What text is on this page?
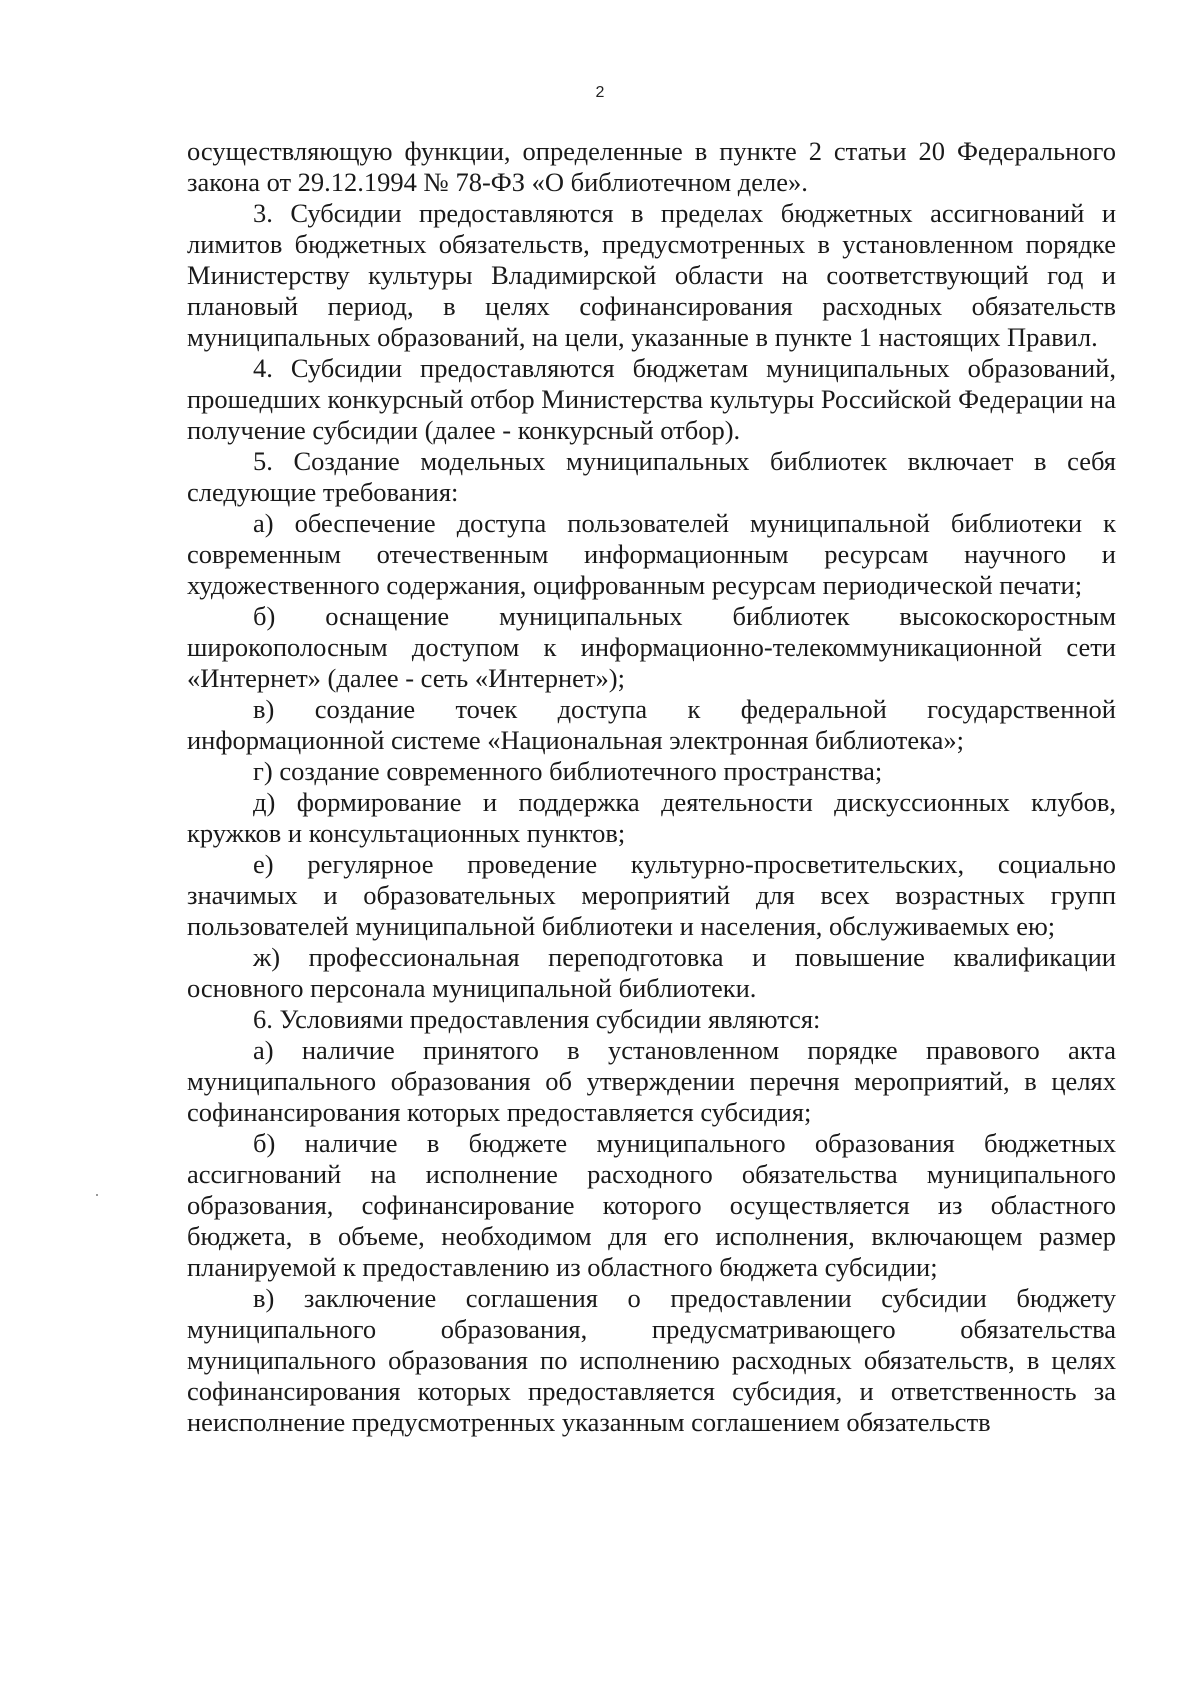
2

осуществляющую функции, определенные в пункте 2 статьи 20 Федерального закона от 29.12.1994 № 78-ФЗ «О библиотечном деле».

3. Субсидии предоставляются в пределах бюджетных ассигнований и лимитов бюджетных обязательств, предусмотренных в установленном порядке Министерству культуры Владимирской области на соответствующий год и плановый период, в целях софинансирования расходных обязательств муниципальных образований, на цели, указанные в пункте 1 настоящих Правил.

4. Субсидии предоставляются бюджетам муниципальных образований, прошедших конкурсный отбор Министерства культуры Российской Федерации на получение субсидии (далее - конкурсный отбор).

5. Создание модельных муниципальных библиотек включает в себя следующие требования:

а) обеспечение доступа пользователей муниципальной библиотеки к современным отечественным информационным ресурсам научного и художественного содержания, оцифрованным ресурсам периодической печати;

б) оснащение муниципальных библиотек высокоскоростным широкополосным доступом к информационно-телекоммуникационной сети «Интернет» (далее - сеть «Интернет»);

в) создание точек доступа к федеральной государственной информационной системе «Национальная электронная библиотека»;

г) создание современного библиотечного пространства;

д) формирование и поддержка деятельности дискуссионных клубов, кружков и консультационных пунктов;

е) регулярное проведение культурно-просветительских, социально значимых и образовательных мероприятий для всех возрастных групп пользователей муниципальной библиотеки и населения, обслуживаемых ею;

ж) профессиональная переподготовка и повышение квалификации основного персонала муниципальной библиотеки.

6. Условиями предоставления субсидии являются:

а) наличие принятого в установленном порядке правового акта муниципального образования об утверждении перечня мероприятий, в целях софинансирования которых предоставляется субсидия;

б) наличие в бюджете муниципального образования бюджетных ассигнований на исполнение расходного обязательства муниципального образования, софинансирование которого осуществляется из областного бюджета, в объеме, необходимом для его исполнения, включающем размер планируемой к предоставлению из областного бюджета субсидии;

в) заключение соглашения о предоставлении субсидии бюджету муниципального образования, предусматривающего обязательства муниципального образования по исполнению расходных обязательств, в целях софинансирования которых предоставляется субсидия, и ответственность за неисполнение предусмотренных указанным соглашением обязательств
